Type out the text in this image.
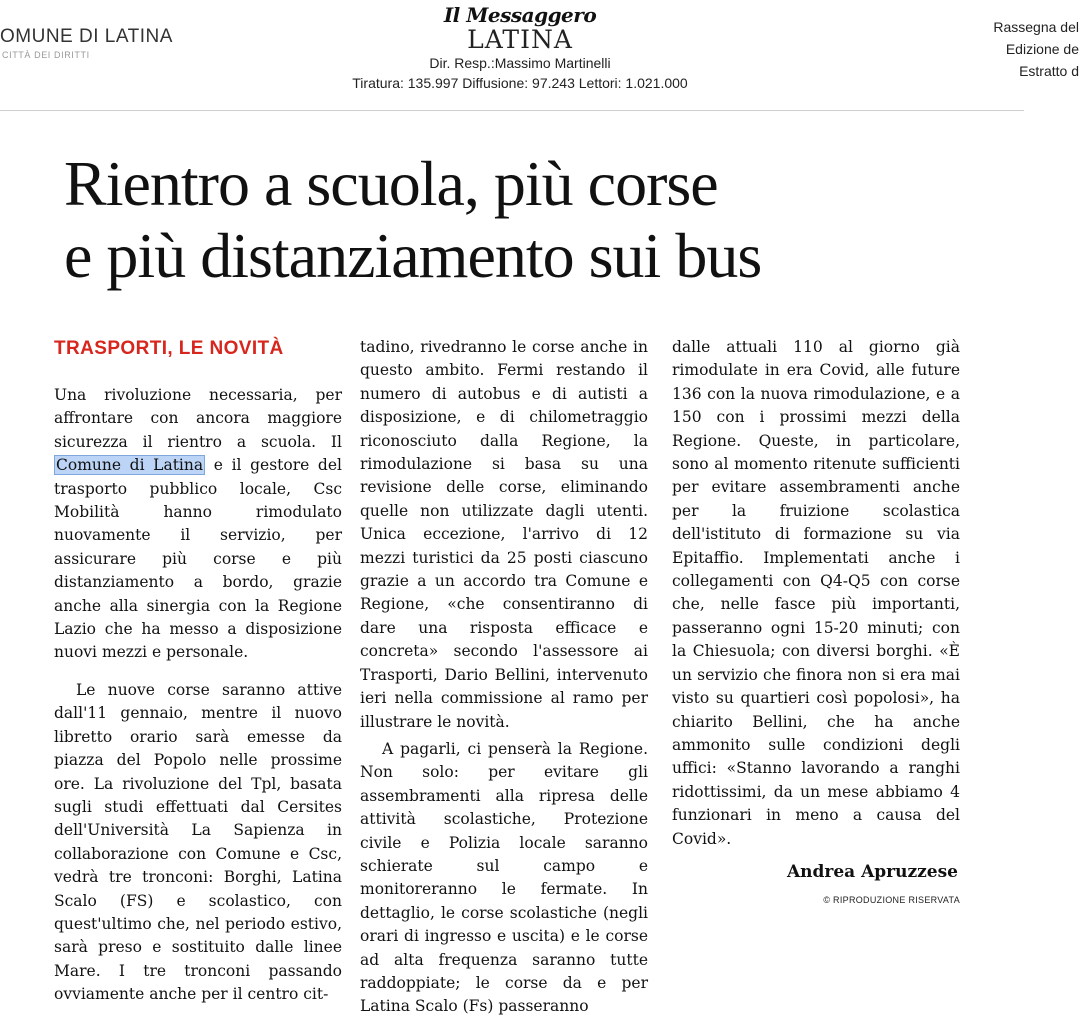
OMUNE DI LATINA
CITTÀ DEI DIRITTI
Il Messaggero
LATINA
Dir. Resp.:Massimo Martinelli
Tiratura: 135.997 Diffusione: 97.243 Lettori: 1.021.000
Rassegna del
Edizione de
Estratto d
Rientro a scuola, più corse
e più distanziamento sui bus
TRASPORTI, LE NOVITÀ

Una rivoluzione necessaria, per affrontare con ancora maggiore sicurezza il rientro a scuola. Il Comune di Latina e il gestore del trasporto pubblico locale, Csc Mobilità hanno rimodulato nuovamente il servizio, per assicurare più corse e più distanziamento a bordo, grazie anche alla sinergia con la Regione Lazio che ha messo a disposizione nuovi mezzi e personale.

Le nuove corse saranno attive dall'11 gennaio, mentre il nuovo libretto orario sarà emesse da piazza del Popolo nelle prossime ore. La rivoluzione del Tpl, basata sugli studi effettuati dal Cersites dell'Università La Sapienza in collaborazione con Comune e Csc, vedrà tre tronconi: Borghi, Latina Scalo (FS) e scolastico, con quest'ultimo che, nel periodo estivo, sarà preso e sostituito dalle linee Mare. I tre tronconi passando ovviamente anche per il centro cit-

tadino, rivedranno le corse anche in questo ambito. Fermi restando il numero di autobus e di autisti a disposizione, e di chilometraggio riconosciuto dalla Regione, la rimodulazione si basa su una revisione delle corse, eliminando quelle non utilizzate dagli utenti. Unica eccezione, l'arrivo di 12 mezzi turistici da 25 posti ciascuno grazie a un accordo tra Comune e Regione, «che consentiranno di dare una risposta efficace e concreta» secondo l'assessore ai Trasporti, Dario Bellini, intervenuto ieri nella commissione al ramo per illustrare le novità.

A pagarli, ci penserà la Regione. Non solo: per evitare gli assembramenti alla ripresa delle attività scolastiche, Protezione civile e Polizia locale saranno schierate sul campo e monitoreranno le fermate. In dettaglio, le corse scolastiche (negli orari di ingresso e uscita) e le corse ad alta frequenza saranno tutte raddoppiate; le corse da e per Latina Scalo (Fs) passeranno

dalle attuali 110 al giorno già rimodulate in era Covid, alle future 136 con la nuova rimodulazione, e a 150 con i prossimi mezzi della Regione. Queste, in particolare, sono al momento ritenute sufficienti per evitare assembramenti anche per la fruizione scolastica dell'istituto di formazione su via Epitaffio. Implementati anche i collegamenti con Q4-Q5 con corse che, nelle fasce più importanti, passeranno ogni 15-20 minuti; con la Chiesuola; con diversi borghi. «È un servizio che finora non si era mai visto su quartieri così popolosi», ha chiarito Bellini, che ha anche ammonito sulle condizioni degli uffici: «Stanno lavorando a ranghi ridottissimi, da un mese abbiamo 4 funzionari in meno a causa del Covid».

Andrea Apruzzese
© RIPRODUZIONE RISERVATA
